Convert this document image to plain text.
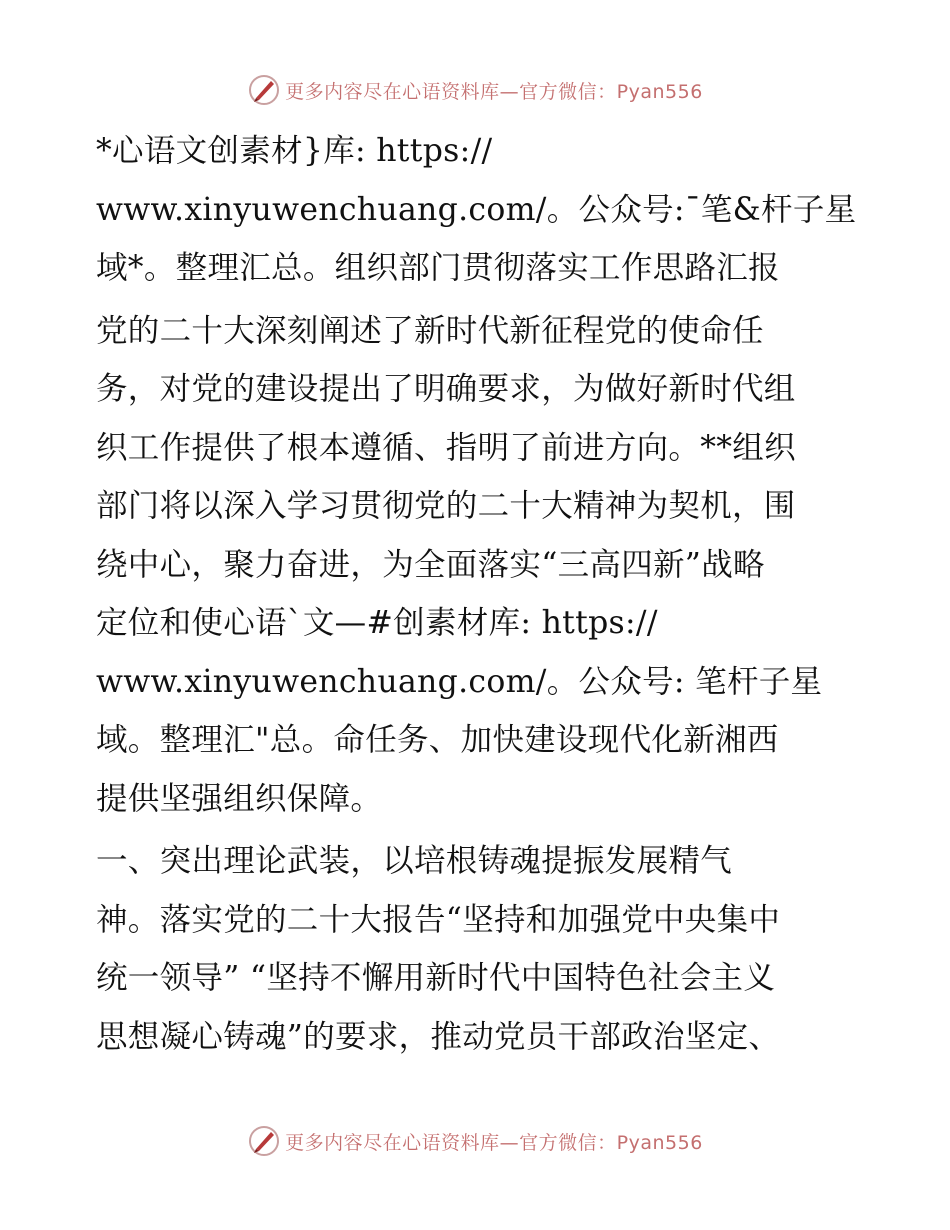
更多内容尽在心语资料库—官方微信：Pyan556

*心语文创素材}库: https://

www.xinyuwenchuang.com/。公众号:¯笔&杆子星

域*。整理汇总。组织部门贯彻落实工作思路汇报

党的二十大深刻阐述了新时代新征程党的使命任

务，对党的建设提出了明确要求，为做好新时代组

织工作提供了根本遵循、指明了前进方向。**组织

部门将以深入学习贯彻党的二十大精神为契机，围

绕中心，聚力奋进，为全面落实“三高四新”战略

定位和使心语`文—#创素材库: https://

www.xinyuwenchuang.com/。公众号: 笔杆子星

域。整理汇"总。命任务、加快建设现代化新湘西

提供坚强组织保障。

一、突出理论武装，以培根铸魂提振发展精气

神。落实党的二十大报告“坚持和加强党中央集中

统一领导” “坚持不懈用新时代中国特色社会主义

思想凝心铸魂”的要求，推动党员干部政治坚定、

更多内容尽在心语资料库—官方微信：Pyan556
